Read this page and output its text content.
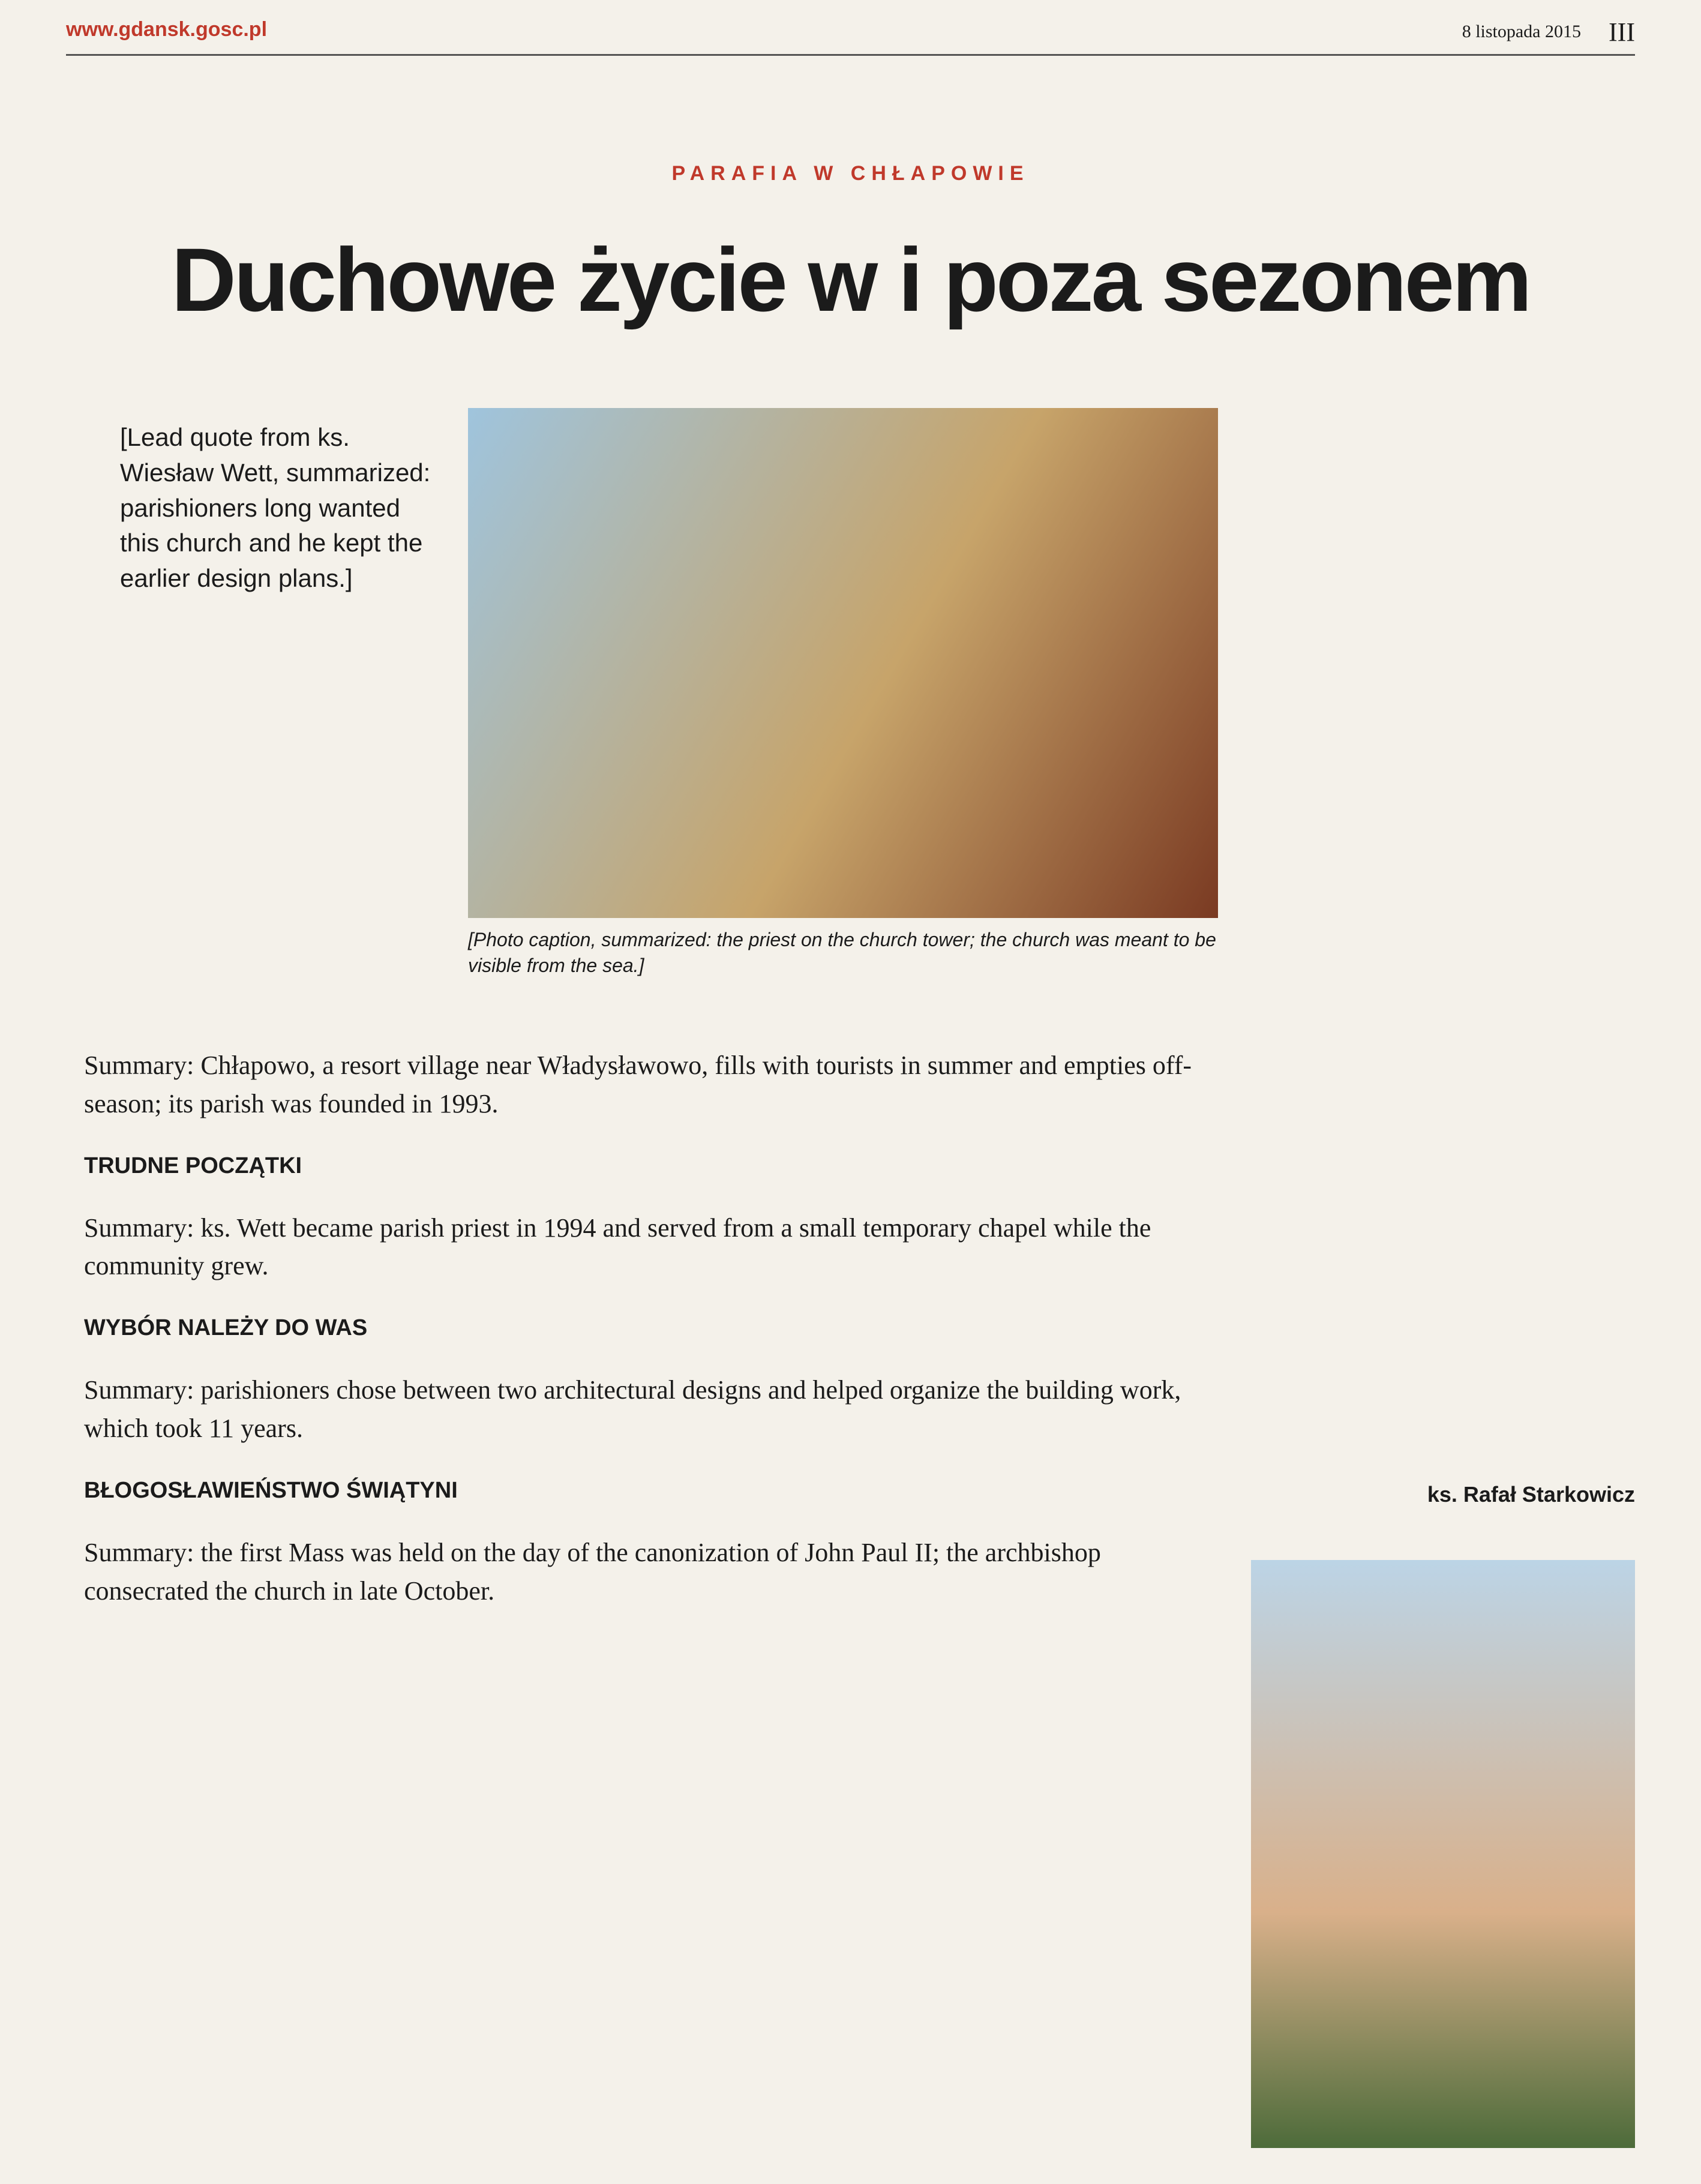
www.gdansk.gosc.pl	8 listopada 2015 III
PARAFIA W CHŁAPOWIE
Duchowe życie w i poza sezonem
[Lead quote from ks. Wiesław Wett, summarized: parishioners long wanted this church and he kept the earlier design plans.]
[Photo caption, summarized: the priest on the church tower; the church was meant to be visible from the sea.]

Summary: Chłapowo, a resort village near Władysławowo, fills with tourists in summer and empties off-season; its parish was founded in 1993.

TRUDNE POCZĄTKI

Summary: ks. Wett became parish priest in 1994 and served from a small temporary chapel while the community grew.

WYBÓR NALEŻY DO WAS

Summary: parishioners chose between two architectural designs and helped organize the building work, which took 11 years.

BŁOGOSŁAWIEŃSTWO ŚWIĄTYNI

Summary: the first Mass was held on the day of the canonization of John Paul II; the archbishop consecrated the church in late October.

ks. Rafał Starkowicz
